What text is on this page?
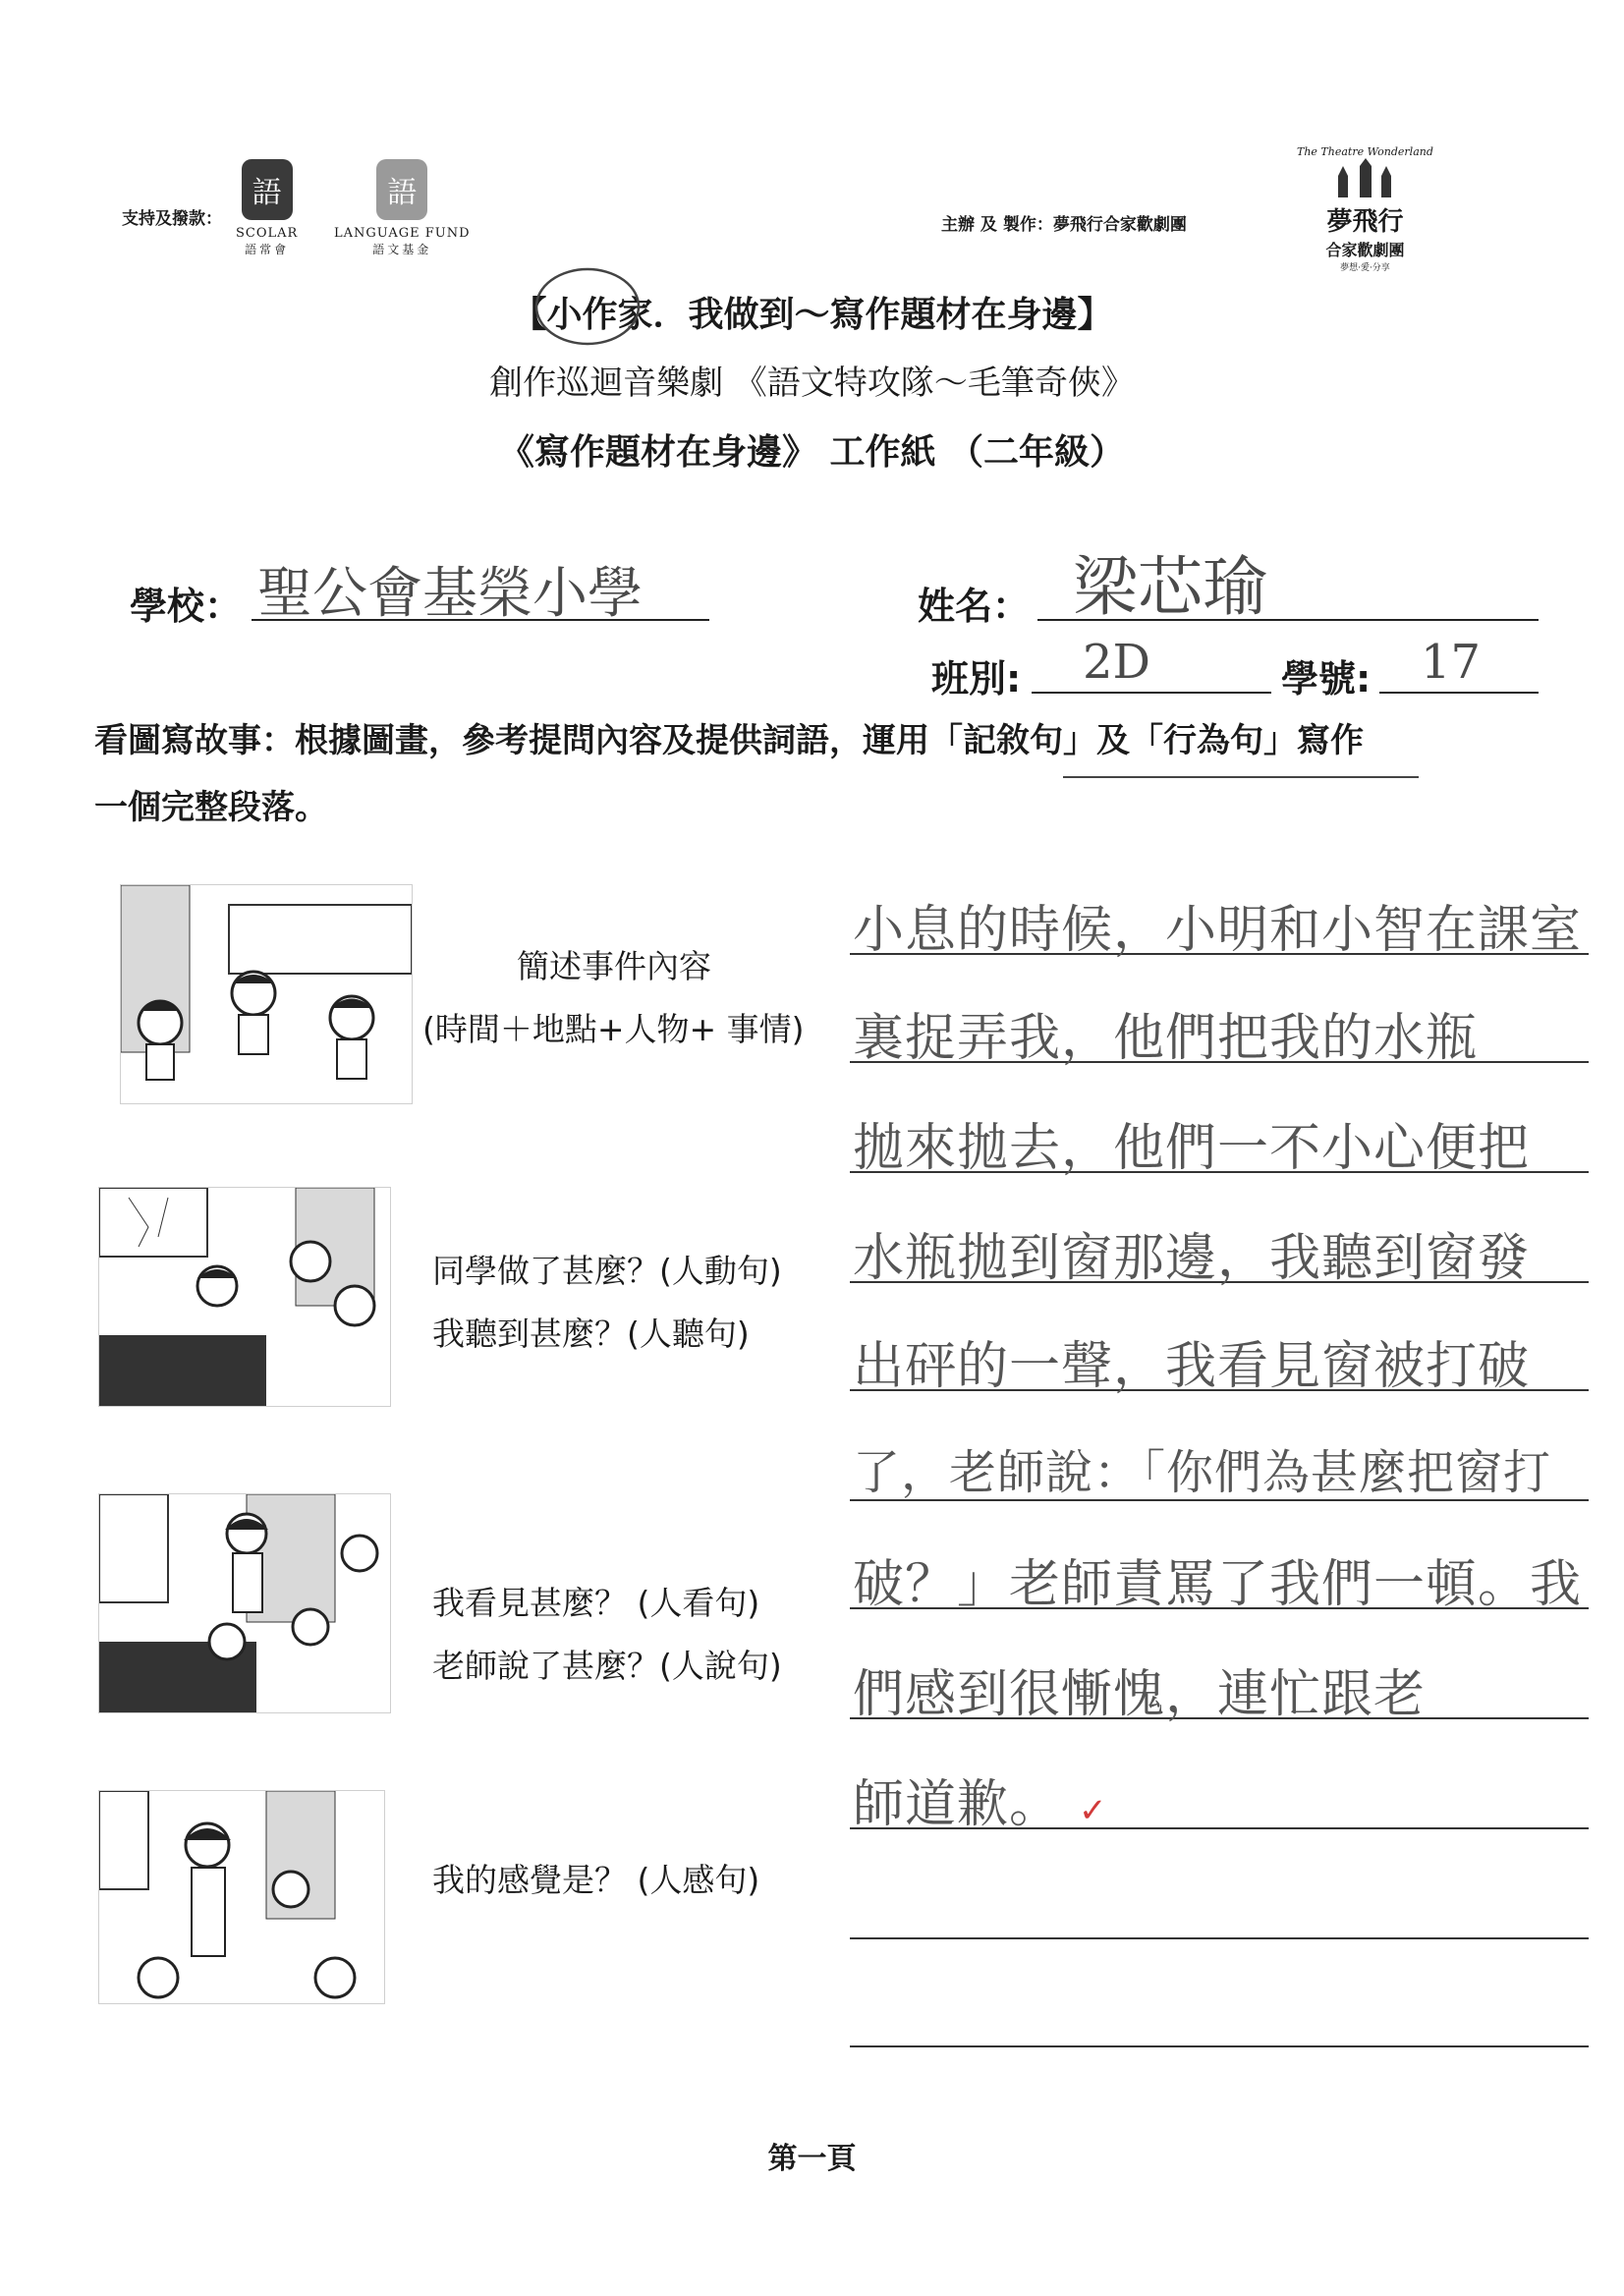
支持及撥款：
語
SCOLAR
語常會
語
LANGUAGE FUND
語文基金
主辦 及 製作：夢飛行合家歡劇團
The Theatre Wonderland
夢飛行
合家歡劇團
夢想·愛·分享
【小作家．我做到～寫作題材在身邊】
創作巡迴音樂劇 《語文特攻隊～毛筆奇俠》
《寫作題材在身邊》 工作紙 （二年級）
學校： 聖公會基榮小學	姓名： 梁芯瑜
班別: 2D	學號: 17
看圖寫故事：根據圖畫，參考提問內容及提供詞語，運用「記敘句」及「行為句」寫作
一個完整段落。
簡述事件內容
(時間＋地點+人物+ 事情)
同學做了甚麼？(人動句)
我聽到甚麼？(人聽句)
我看見甚麼？ (人看句)
老師說了甚麼？(人說句)
我的感覺是？ (人感句)
小息的時候，小明和小智在課室
裏捉弄我，他們把我的水瓶
拋來拋去，他們一不小心便把
水瓶拋到窗那邊，我聽到窗發
出砰的一聲，我看見窗被打破
了，老師說：「你們為甚麼把窗打
破？」老師責罵了我們一頓。我
們感到很慚愧，連忙跟老
師道歉。 ✓
第一頁
